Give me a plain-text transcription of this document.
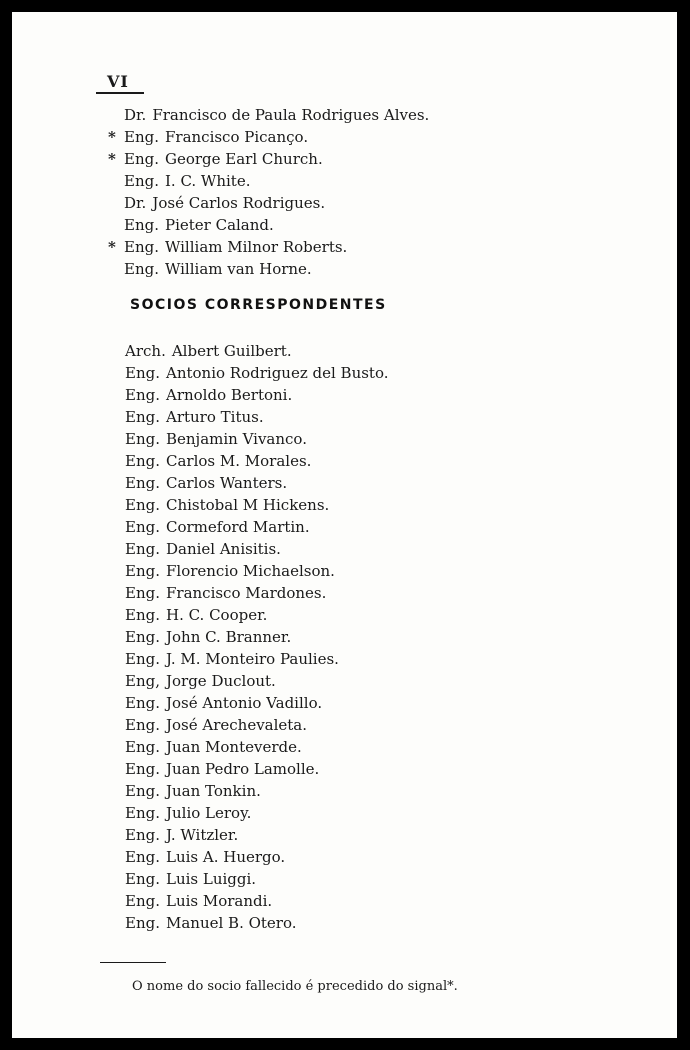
VI
Dr. Francisco de Paula Rodrigues Alves.
* Eng. Francisco Picanço.
* Eng. George Earl Church.
Eng. I. C. White.
Dr. José Carlos Rodrigues.
Eng. Pieter Caland.
* Eng. William Milnor Roberts.
Eng. William van Horne.
SOCIOS CORRESPONDENTES
Arch. Albert Guilbert.
Eng. Antonio Rodriguez del Busto.
Eng. Arnoldo Bertoni.
Eng. Arturo Titus.
Eng. Benjamin Vivanco.
Eng. Carlos M. Morales.
Eng. Carlos Wanters.
Eng. Chistobal M Hickens.
Eng. Cormeford Martin.
Eng. Daniel Anisitis.
Eng. Florencio Michaelson.
Eng. Francisco Mardones.
Eng. H. C. Cooper.
Eng. John C. Branner.
Eng. J. M. Monteiro Paulies.
Eng, Jorge Duclout.
Eng. José Antonio Vadillo.
Eng. José Arechevaleta.
Eng. Juan Monteverde.
Eng. Juan Pedro Lamolle.
Eng. Juan Tonkin.
Eng. Julio Leroy.
Eng. J. Witzler.
Eng. Luis A. Huergo.
Eng. Luis Luiggi.
Eng. Luis Morandi.
Eng. Manuel B. Otero.
O nome do socio fallecido é precedido do signal*.
